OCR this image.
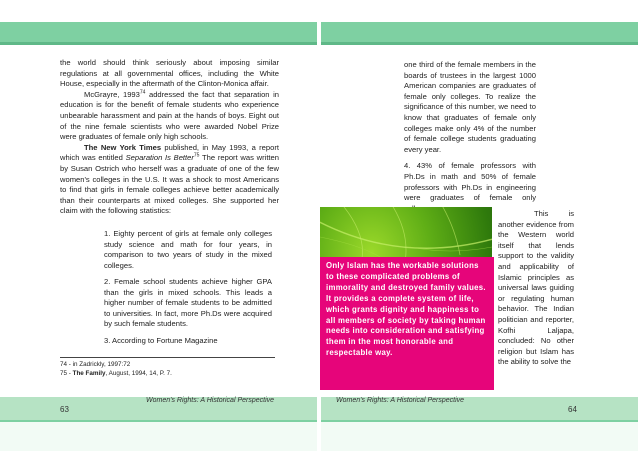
the world should think seriously about imposing similar regulations at all governmental offices, including the White House, especially in the aftermath of the Clinton-Monica affair.

McGrayre, 1993$^{74}$ addressed the fact that separation in education is for the benefit of female students who experience unbearable harassment and pain at the hands of boys. Eight out of the nine female scientists who were awarded Nobel Prize were graduates of female only high schools.

The New York Times published, in May 1993, a report which was entitled Separation Is Better$^{75}$ The report was written by Susan Ostrich who herself was a graduate of one of the few women's colleges in the U.S. It was a shock to most Americans to find that girls in female colleges achieve better academically than their counterparts at mixed colleges. She supported her claim with the following statistics:

1. Eighty percent of girls at female only colleges study science and math for four years, in comparison to two years of study in the mixed colleges.

2. Female school students achieve higher GPA than the girls in mixed schools. This leads a higher number of female students to be admitted to universities. In fact, more Ph.Ds were acquired by such female students.

3. According to Fortune Magazine

74 - in Zadrickly, 1997:72
75 - The Family, August, 1994, 14, P. 7.
Women's Rights: A Historical Perspective
63

one third of the female members in the boards of trustees in the largest 1000 American companies are graduates of female only colleges. To realize the significance of this number, we need to know that graduates of female only colleges make only 4% of the number of female college students graduating every year.

4. 43% of female professors with Ph.Ds in math and 50% of female professors with Ph.Ds in engineering were graduates of female only

Only Islam has the workable solutions to these complicated problems of immorality and destroyed family values. It provides a complete system of life, which grants dignity and happiness to all members of society by taking human needs into consideration and satisfying them in the most honorable and respectable way.

This is another evidence from the Western world itself that lends support to the validity and applicability of Islamic principles as universal laws guiding or regulating human behavior. The Indian politician and reporter, Kofhi Laljapa, concluded: No other religion but Islam has the ability to solve the

Women's Rights: A Historical Perspective
64
